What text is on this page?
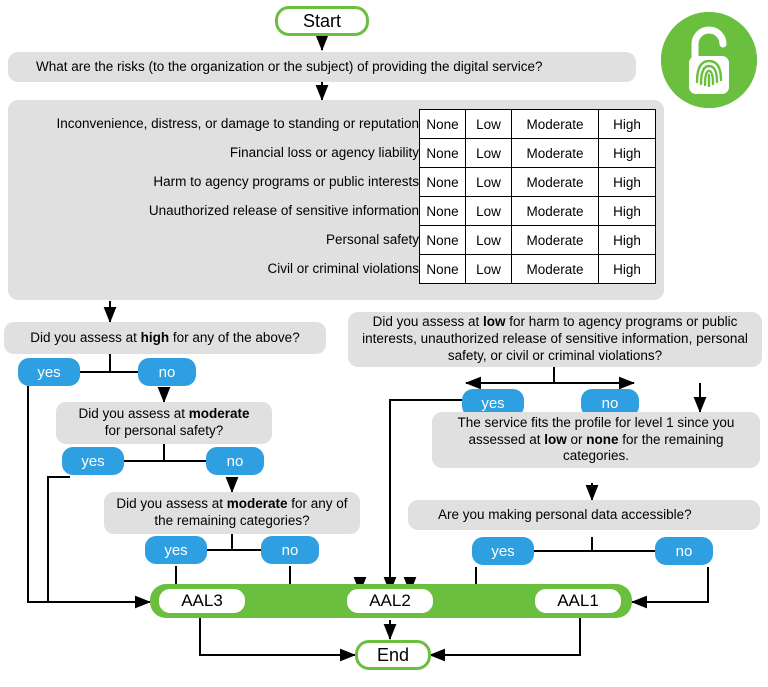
Start
What are the risks (to the organization or the subject) of providing the digital service?
Inconvenience, distress, or damage to standing or reputation	None	Low	Moderate	High
Financial loss or agency liability	None	Low	Moderate	High
Harm to agency programs or public interests	None	Low	Moderate	High
Unauthorized release of sensitive information	None	Low	Moderate	High
Personal safety	None	Low	Moderate	High
Civil or criminal violations	None	Low	Moderate	High
Did you assess at high for any of the above?
yes	no
Did you assess at moderate
for personal safety?
yes	no
Did you assess at moderate for any of the remaining categories?
yes	no
Did you assess at low for harm to agency programs or public interests, unauthorized release of sensitive information, personal safety, or civil or criminal violations?
yes	no
The service fits the profile for level 1 since you assessed at low or none for the remaining categories.
Are you making personal data accessible?
yes	no
AAL3	AAL2	AAL1
End
